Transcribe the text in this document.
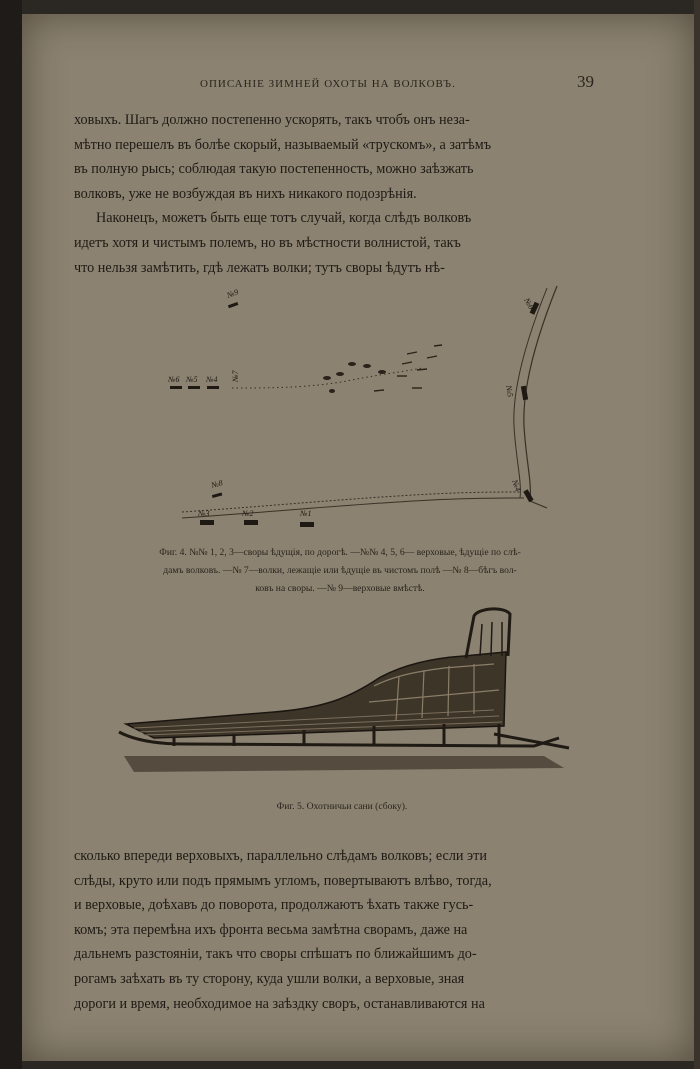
ОПИСАНІЕ ЗИМНЕЙ ОХОТЫ НА ВОЛКОВЪ.	39
ховыхъ. Шагъ должно постепенно ускорять, такъ чтобъ онъ неза-
мѣтно перешелъ въ болѣе скорый, называемый «трускомъ», а затѣмъ
въ полную рысь; соблюдая такую постепенность, можно заѣзжать
волковъ, уже не возбуждая въ нихъ никакого подозрѣнія.
Наконецъ, можетъ быть еще тотъ случай, когда слѣдъ волковъ
идетъ хотя и чистымъ полемъ, но въ мѣстности волнистой, такъ
что нельзя замѣтить, гдѣ лежатъ волки; тутъ своры ѣдутъ нѣ-
№6 №5 №4
№9
№7
№8
№3	№2	№1
№6
№5
№4
Фиг. 4. №№ 1, 2, 3—своры ѣдущія, по дорогѣ. —№№ 4, 5, 6— верховые, ѣдущіе по слѣ-
дамъ волковъ. —№ 7—волки, лежащіе или ѣдущіе въ чистомъ полѣ —№ 8—бѣгъ вол-
ковъ на своры. —№ 9—верховые вмѣстѣ.
Фиг. 5. Охотничьи сани (сбоку).
сколько впереди верховыхъ, параллельно слѣдамъ волковъ; если эти
слѣды, круто или подъ прямымъ угломъ, повертываютъ влѣво, тогда,
и верховые, доѣхавъ до поворота, продолжаютъ ѣхать также гусь-
комъ; эта перемѣна ихъ фронта весьма замѣтна сворамъ, даже на
дальнемъ разстояніи, такъ что своры спѣшатъ по ближайшимъ до-
рогамъ заѣхать въ ту сторону, куда ушли волки, а верховые, зная
дороги и время, необходимое на заѣздку своръ, останавливаются на
